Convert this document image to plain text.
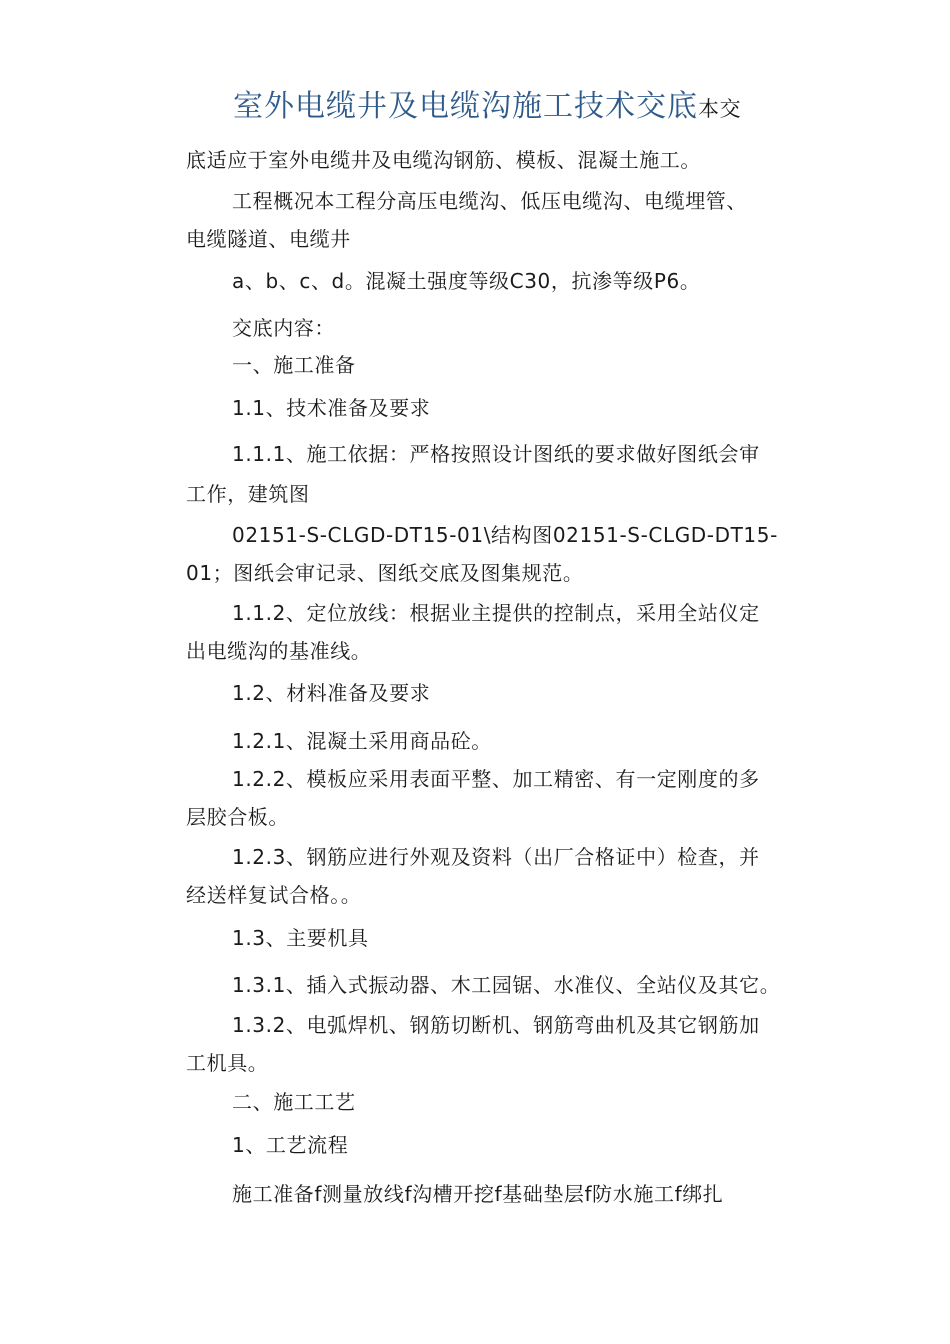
室外电缆井及电缆沟施工技术交底本交
底适应于室外电缆井及电缆沟钢筋、模板、混凝土施工。
工程概况本工程分高压电缆沟、低压电缆沟、电缆埋管、
电缆隧道、电缆井
a、b、c、d。混凝土强度等级C30，抗渗等级P6。
交底内容：
一、施工准备
1.1、技术准备及要求
1.1.1、施工依据：严格按照设计图纸的要求做好图纸会审
工作，建筑图
02151-S-CLGD-DT15-01\结构图02151-S-CLGD-DT15-
01；图纸会审记录、图纸交底及图集规范。
1.1.2、定位放线：根据业主提供的控制点，采用全站仪定
出电缆沟的基准线。
1.2、材料准备及要求
1.2.1、混凝土采用商品砼。
1.2.2、模板应采用表面平整、加工精密、有一定刚度的多
层胶合板。
1.2.3、钢筋应进行外观及资料（出厂合格证中）检查，并
经送样复试合格。。
1.3、主要机具
1.3.1、插入式振动器、木工园锯、水准仪、全站仪及其它。
1.3.2、电弧焊机、钢筋切断机、钢筋弯曲机及其它钢筋加
工机具。
二、施工工艺
1、工艺流程
施工准备f测量放线f沟槽开挖f基础垫层f防水施工f绑扎
